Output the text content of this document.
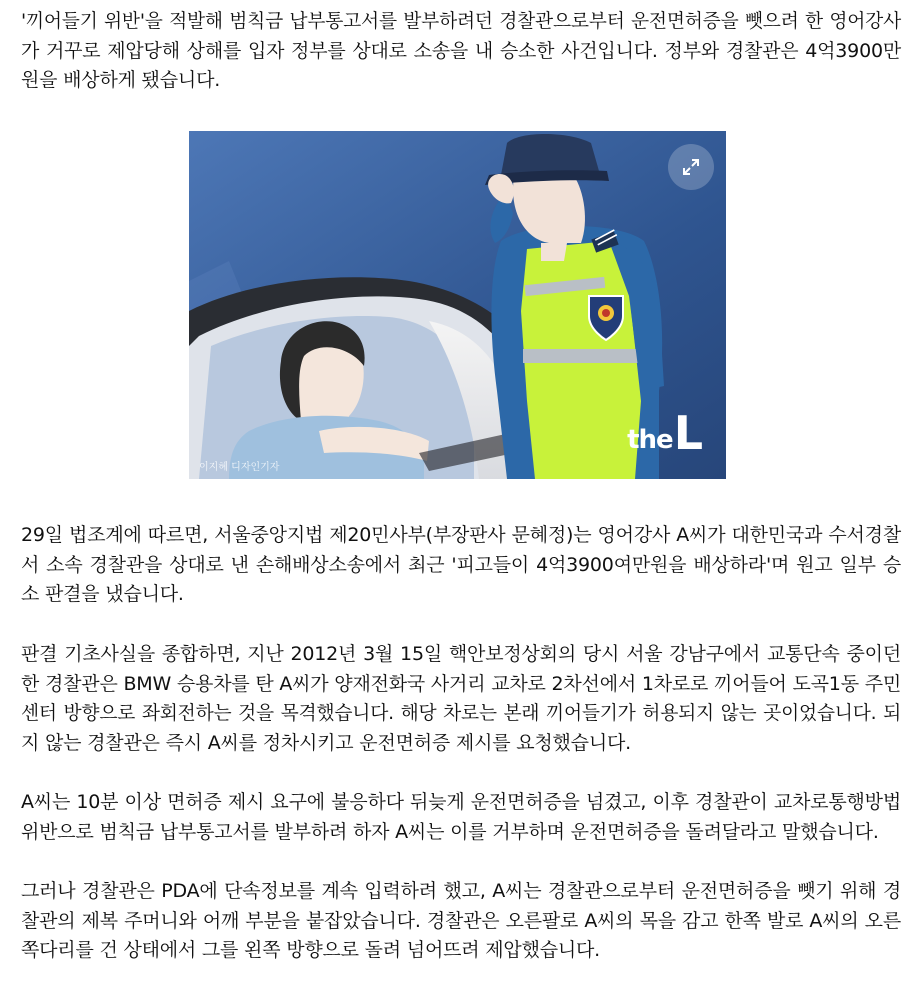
'끼어들기 위반'을 적발해 범칙금 납부통고서를 발부하려던 경찰관으로부터 운전면허증을 뺏으려 한 영어강사
가 거꾸로 제압당해 상해를 입자 정부를 상대로 소송을 내 승소한 사건입니다. 정부와 경찰관은 4억3900만
원을 배상하게 됐습니다.

the L
이지혜 디자인기자

29일 법조계에 따르면, 서울중앙지법 제20민사부(부장판사 문혜정)는 영어강사 A씨가 대한민국과 수서경찰
서 소속 경찰관을 상대로 낸 손해배상소송에서 최근 '피고들이 4억3900여만원을 배상하라'며 원고 일부 승
소 판결을 냈습니다.

판결 기초사실을 종합하면, 지난 2012년 3월 15일 핵안보정상회의 당시 서울 강남구에서 교통단속 중이던
한 경찰관은 BMW 승용차를 탄 A씨가 양재전화국 사거리 교차로 2차선에서 1차로로 끼어들어 도곡1동 주민
센터 방향으로 좌회전하는 것을 목격했습니다. 해당 차로는 본래 끼어들기가 허용되지 않는 곳이었습니다. 되
지 않는 경찰관은 즉시 A씨를 정차시키고 운전면허증 제시를 요청했습니다.

A씨는 10분 이상 면허증 제시 요구에 불응하다 뒤늦게 운전면허증을 넘겼고, 이후 경찰관이 교차로통행방법
위반으로 범칙금 납부통고서를 발부하려 하자 A씨는 이를 거부하며 운전면허증을 돌려달라고 말했습니다.

그러나 경찰관은 PDA에 단속정보를 계속 입력하려 했고, A씨는 경찰관으로부터 운전면허증을 뺏기 위해 경
찰관의 제복 주머니와 어깨 부분을 붙잡았습니다. 경찰관은 오른팔로 A씨의 목을 감고 한쪽 발로 A씨의 오른
쪽다리를 건 상태에서 그를 왼쪽 방향으로 돌려 넘어뜨려 제압했습니다.
